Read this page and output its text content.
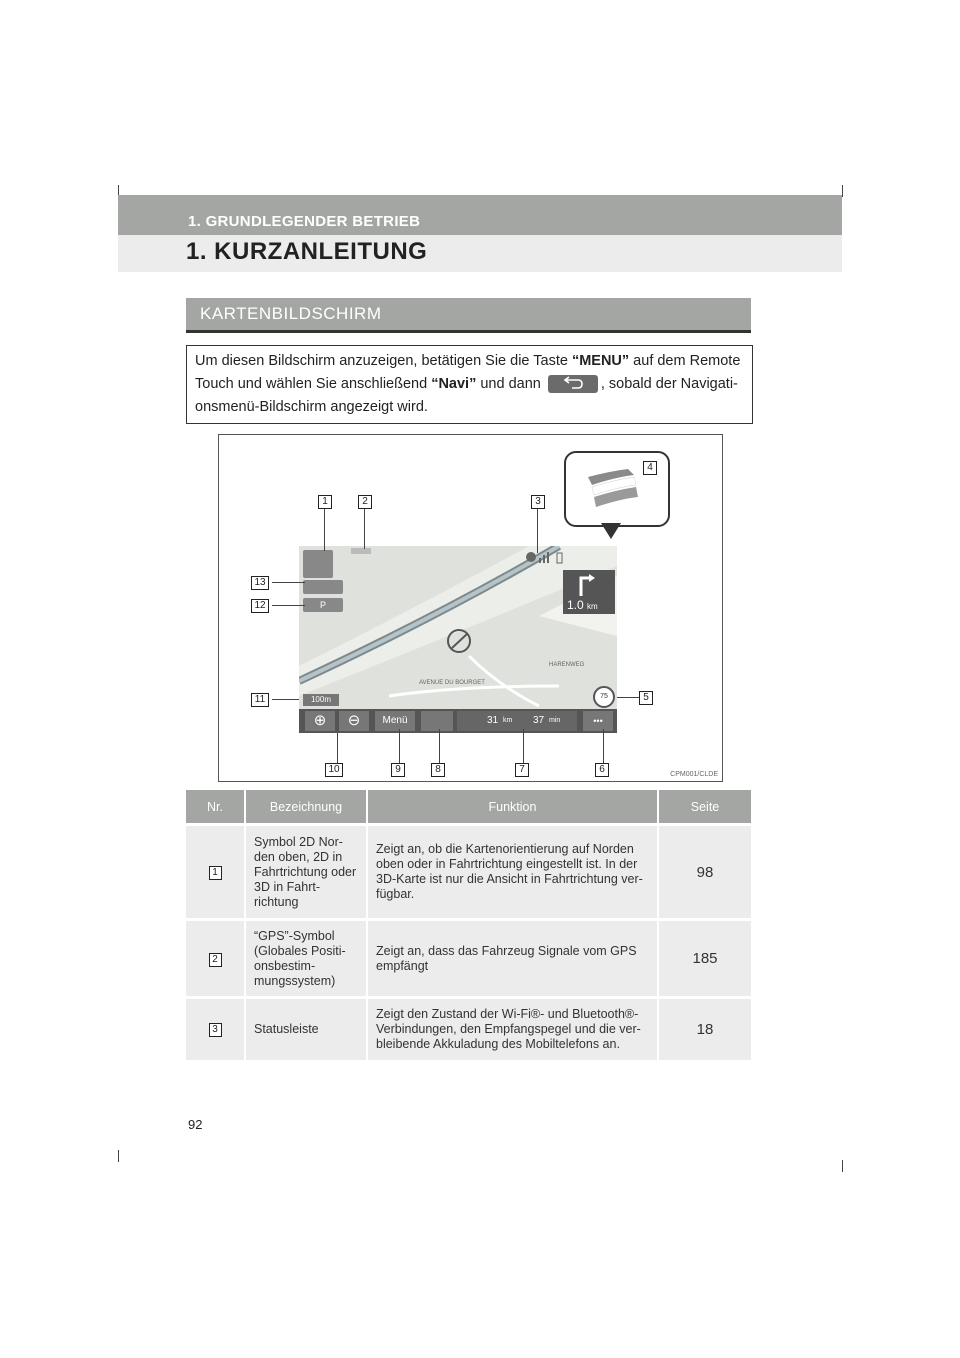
1. GRUNDLEGENDER BETRIEB
1. KURZANLEITUNG
KARTENBILDSCHIRM
Um diesen Bildschirm anzuzeigen, betätigen Sie die Taste “MENU” auf dem Remote Touch und wählen Sie anschließend “Navi” und dann	, sobald der Navigati-onsmenü-Bildschirm angezeigt wird.
P	1.0 km
AVENUE DU BOURGET
HARENWEG
100m	75
⊕	⊖	Menü	31 km 37 min	•••
1	2	3
4
5
6
7
8
9
10
11
12
13
CPM001/CLDE
Nr.	Bezeichnung	Funktion	Seite
1	Symbol 2D Nor-den oben, 2D in Fahrtrichtung oder 3D in Fahrt-richtung	Zeigt an, ob die Kartenorientierung auf Norden oben oder in Fahrtrichtung eingestellt ist. In der 3D-Karte ist nur die Ansicht in Fahrtrichtung ver-fügbar.	98
2	“GPS”-Symbol (Globales Positi-onsbestim-mungssystem)	Zeigt an, dass das Fahrzeug Signale vom GPS empfängt	185
3	Statusleiste	Zeigt den Zustand der Wi-Fi®- und Bluetooth®-Verbindungen, den Empfangspegel und die ver-bleibende Akkuladung des Mobiltelefons an.	18
92
